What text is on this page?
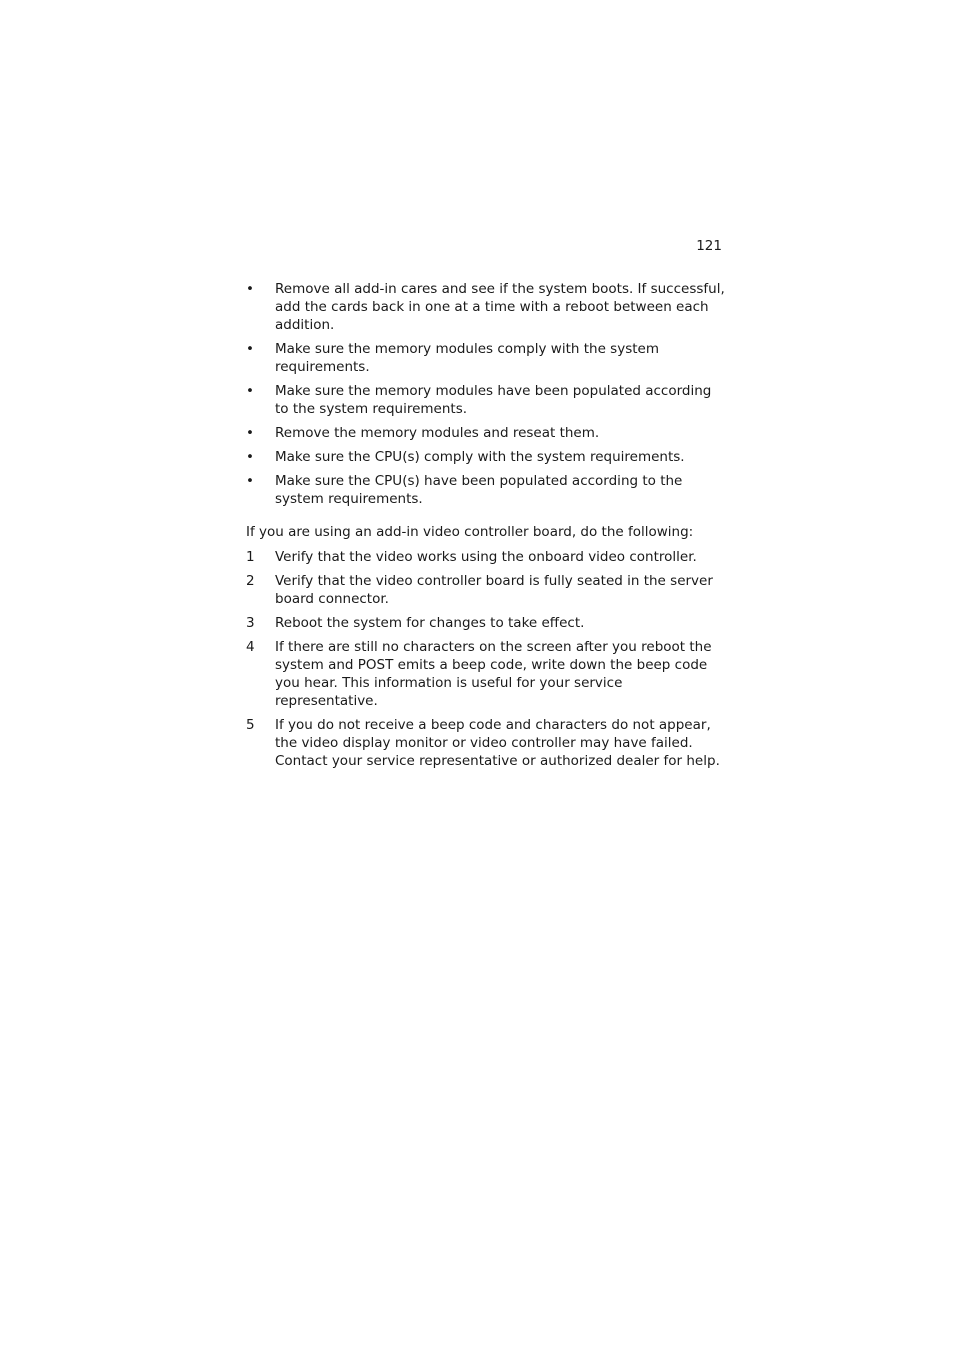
121
•	Remove all add-in cares and see if the system boots. If successful, add the cards back in one at a time with a reboot between each addition.
•	Make sure the memory modules comply with the system requirements.
•	Make sure the memory modules have been populated according to the system requirements.
•	Remove the memory modules and reseat them.
•	Make sure the CPU(s) comply with the system requirements.
•	Make sure the CPU(s) have been populated according to the system requirements.

If you are using an add-in video controller board, do the following:

1	Verify that the video works using the onboard video controller.
2	Verify that the video controller board is fully seated in the server board connector.
3	Reboot the system for changes to take effect.
4	If there are still no characters on the screen after you reboot the system and POST emits a beep code, write down the beep code you hear. This information is useful for your service representative.
5	If you do not receive a beep code and characters do not appear, the video display monitor or video controller may have failed. Contact your service representative or authorized dealer for help.
